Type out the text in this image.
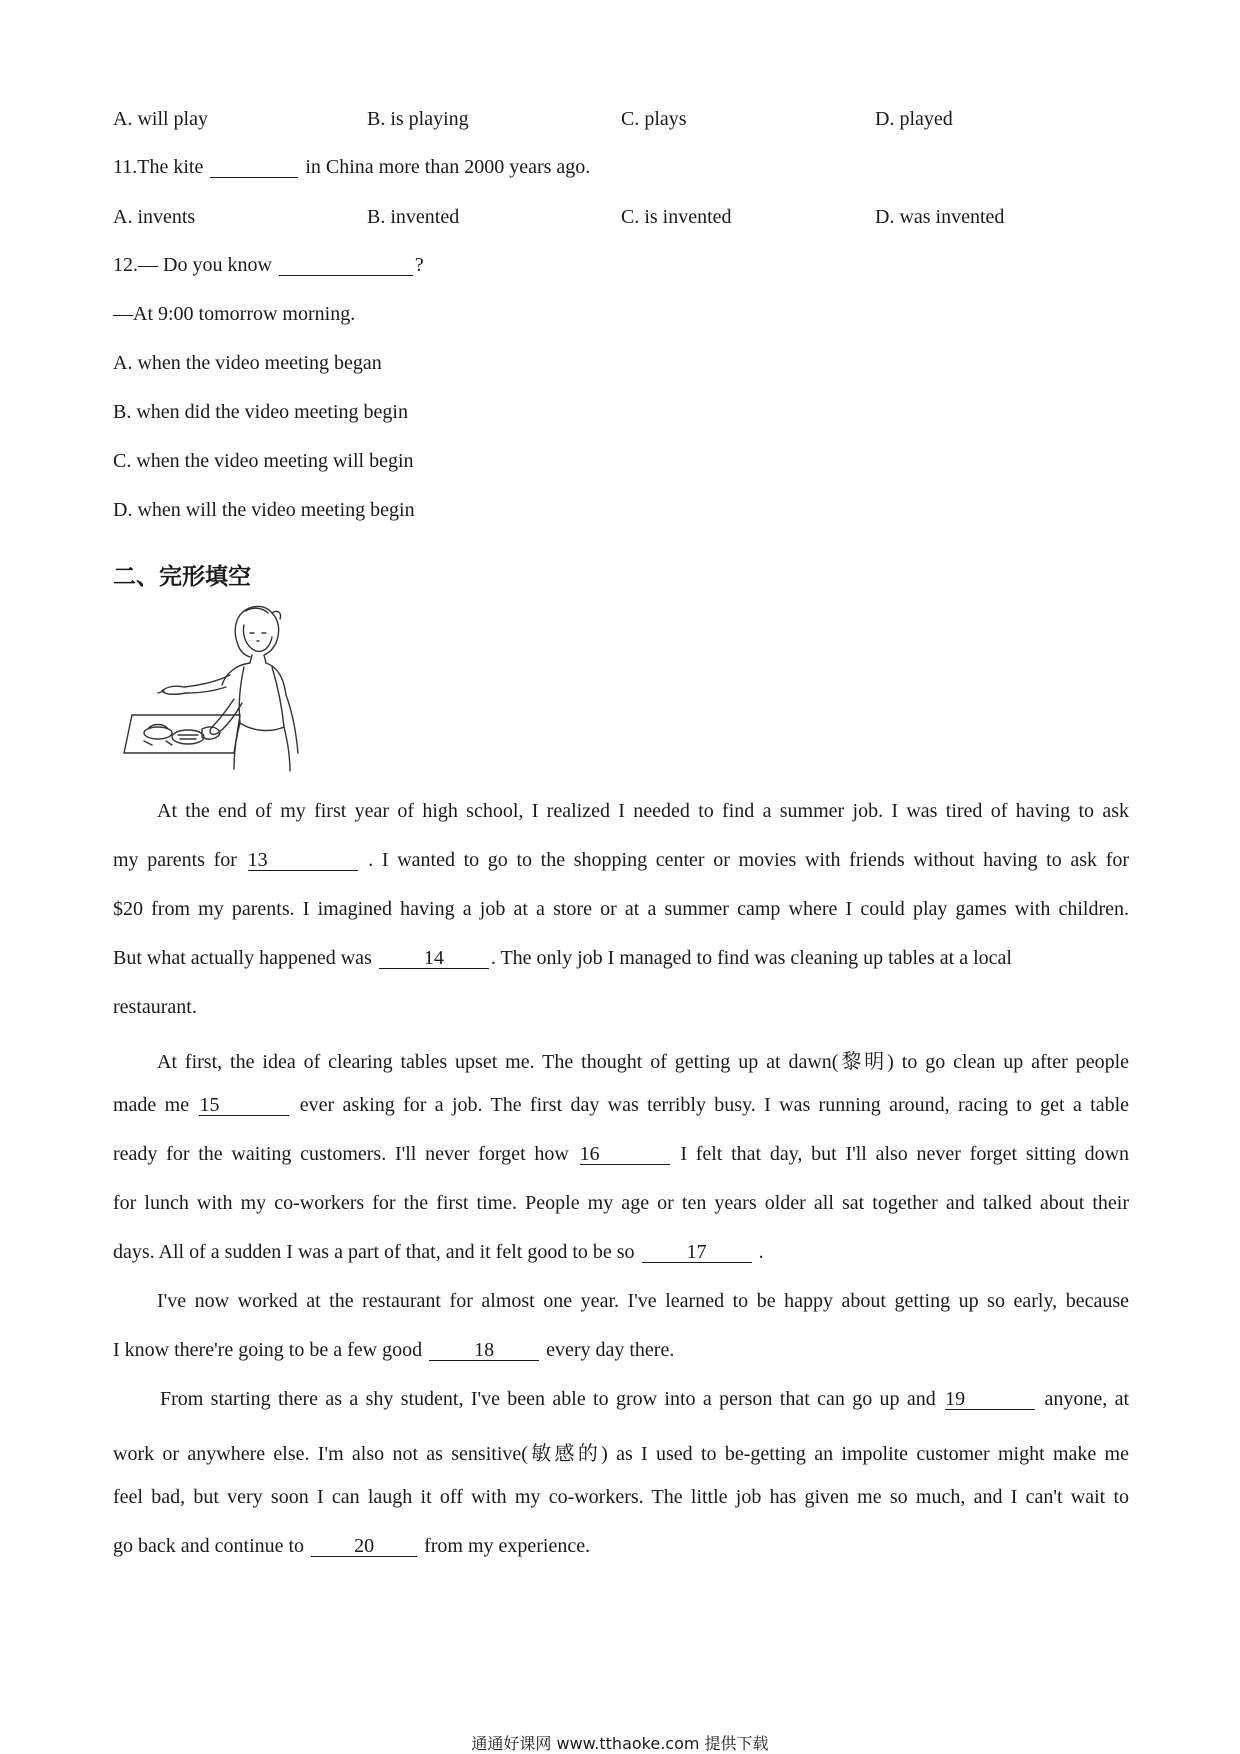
A. will play	B. is playing	C. plays	D. played
11.The kite	in China more than 2000 years ago.
A. invents	B. invented	C. is invented	D. was invented
12.— Do you know	?
—At 9:00 tomorrow morning.
A. when the video meeting began
B. when did the video meeting begin
C. when the video meeting will begin
D. when will the video meeting begin
二、完形填空
At the end of my first year of high school, I realized I needed to find a summer job. I was tired of having to ask
my parents for 13	. I wanted to go to the shopping center or movies with friends without having to ask for
$20 from my parents. I imagined having a job at a store or at a summer camp where I could play games with children.
But what actually happened was	14 . The only job I managed to find was cleaning up tables at a local
restaurant.
At first, the idea of clearing tables upset me. The thought of getting up at dawn(黎明) to go clean up after people
made me 15	ever asking for a job. The first day was terribly busy. I was running around, racing to get a table
ready for the waiting customers. I'll never forget how 16	I felt that day, but I'll also never forget sitting down
for lunch with my co-workers for the first time. People my age or ten years older all sat together and talked about their
days. All of a sudden I was a part of that, and it felt good to be so	17	.
I've now worked at the restaurant for almost one year. I've learned to be happy about getting up so early, because
I know there're going to be a few good	18	every day there.
From starting there as a shy student, I've been able to grow into a person that can go up and 19	anyone, at
work or anywhere else. I'm also not as sensitive(敏感的) as I used to be-getting an impolite customer might make me
feel bad, but very soon I can laugh it off with my co-workers. The little job has given me so much, and I can't wait to
go back and continue to	20	from my experience.
通通好课网 www.tthaoke.com 提供下载
